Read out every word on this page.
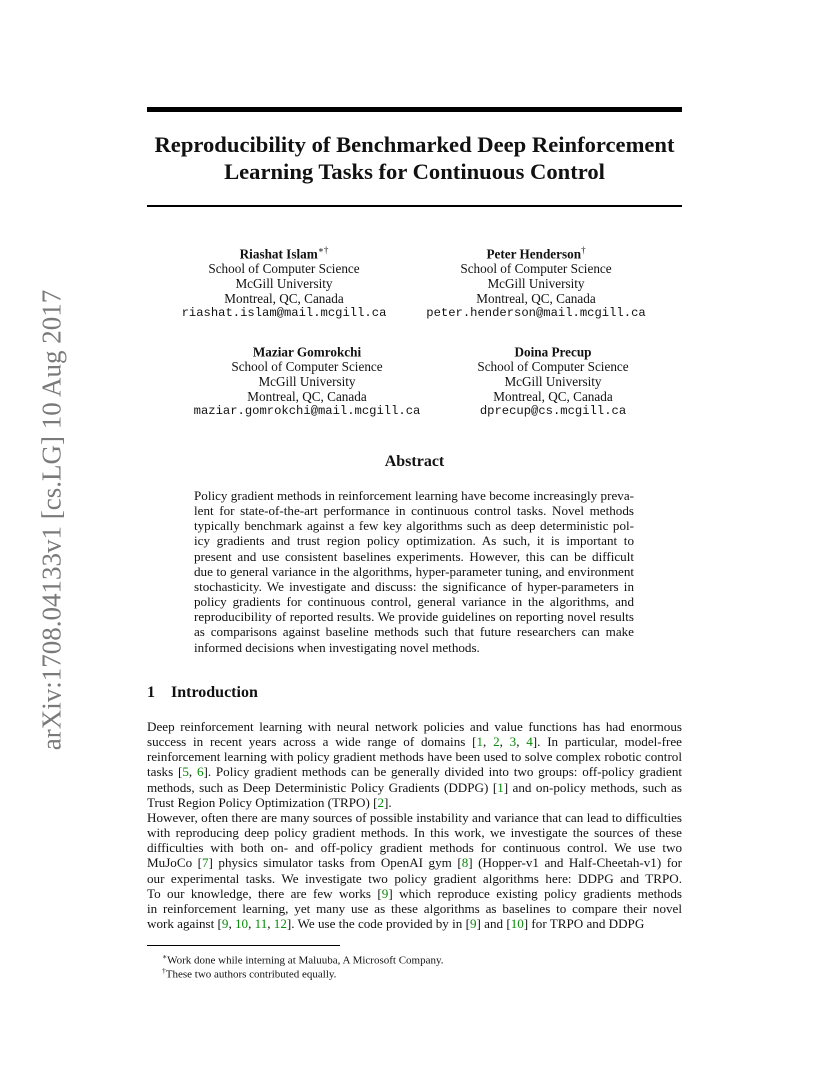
Reproducibility of Benchmarked Deep Reinforcement
Learning Tasks for Continuous Control
Riashat Islam∗†
School of Computer Science
McGill University
Montreal, QC, Canada
riashat.islam@mail.mcgill.ca
Peter Henderson†
School of Computer Science
McGill University
Montreal, QC, Canada
peter.henderson@mail.mcgill.ca
Maziar Gomrokchi
School of Computer Science
McGill University
Montreal, QC, Canada
maziar.gomrokchi@mail.mcgill.ca
Doina Precup
School of Computer Science
McGill University
Montreal, QC, Canada
dprecup@cs.mcgill.ca
Abstract
Policy gradient methods in reinforcement learning have become increasingly preva-
lent for state-of-the-art performance in continuous control tasks. Novel methods
typically benchmark against a few key algorithms such as deep deterministic pol-
icy gradients and trust region policy optimization. As such, it is important to
present and use consistent baselines experiments. However, this can be difficult
due to general variance in the algorithms, hyper-parameter tuning, and environment
stochasticity. We investigate and discuss: the significance of hyper-parameters in
policy gradients for continuous control, general variance in the algorithms, and
reproducibility of reported results. We provide guidelines on reporting novel results
as comparisons against baseline methods such that future researchers can make
informed decisions when investigating novel methods.
1 Introduction
Deep reinforcement learning with neural network policies and value functions has had enormous
success in recent years across a wide range of domains [1, 2, 3, 4]. In particular, model-free
reinforcement learning with policy gradient methods have been used to solve complex robotic control
tasks [5, 6]. Policy gradient methods can be generally divided into two groups: off-policy gradient
methods, such as Deep Deterministic Policy Gradients (DDPG) [1] and on-policy methods, such as
Trust Region Policy Optimization (TRPO) [2].
However, often there are many sources of possible instability and variance that can lead to difficulties
with reproducing deep policy gradient methods. In this work, we investigate the sources of these
difficulties with both on- and off-policy gradient methods for continuous control. We use two
MuJoCo [7] physics simulator tasks from OpenAI gym [8] (Hopper-v1 and Half-Cheetah-v1) for
our experimental tasks. We investigate two policy gradient algorithms here: DDPG and TRPO.
To our knowledge, there are few works [9] which reproduce existing policy gradients methods
in reinforcement learning, yet many use as these algorithms as baselines to compare their novel
work against [9, 10, 11, 12]. We use the code provided by in [9] and [10] for TRPO and DDPG
∗Work done while interning at Maluuba, A Microsoft Company.
†These two authors contributed equally.
arXiv:1708.04133v1 [cs.LG] 10 Aug 2017
